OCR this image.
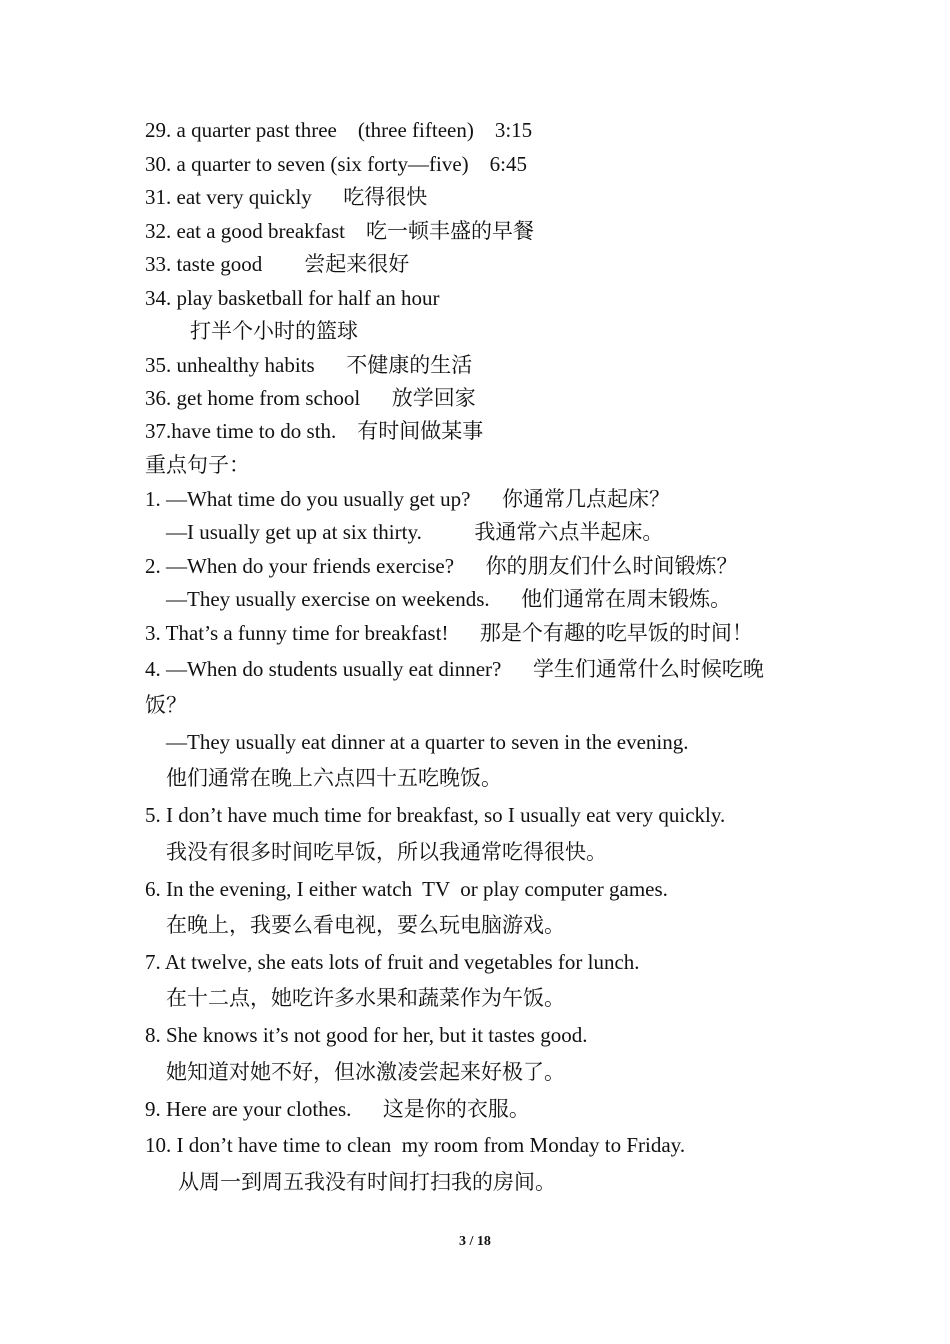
29. a quarter past three    (three fifteen)    3:15
30. a quarter to seven (six forty—five)    6:45
31. eat very quickly      吃得很快
32. eat a good breakfast    吃一顿丰盛的早餐
33. taste good        尝起来很好
34. play basketball for half an hour
打半个小时的篮球
35. unhealthy habits      不健康的生活
36. get home from school      放学回家
37.have time to do sth.    有时间做某事
重点句子：
1. —What time do you usually get up?      你通常几点起床？
—I usually get up at six thirty.          我通常六点半起床。
2. —When do your friends exercise?      你的朋友们什么时间锻炼？
—They usually exercise on weekends.      他们通常在周末锻炼。
3. That’s a funny time for breakfast!      那是个有趣的吃早饭的时间！
4. —When do students usually eat dinner?      学生们通常什么时候吃晚
饭？
—They usually eat dinner at a quarter to seven in the evening.
他们通常在晚上六点四十五吃晚饭。
5. I don’t have much time for breakfast, so I usually eat very quickly.
我没有很多时间吃早饭，所以我通常吃得很快。
6. In the evening, I either watch  TV  or play computer games.
在晚上，我要么看电视，要么玩电脑游戏。
7. At twelve, she eats lots of fruit and vegetables for lunch.
在十二点，她吃许多水果和蔬菜作为午饭。
8. She knows it’s not good for her, but it tastes good.
她知道对她不好，但冰激凌尝起来好极了。
9. Here are your clothes.      这是你的衣服。
10. I don’t have time to clean  my room from Monday to Friday.
从周一到周五我没有时间打扫我的房间。
3 / 18
